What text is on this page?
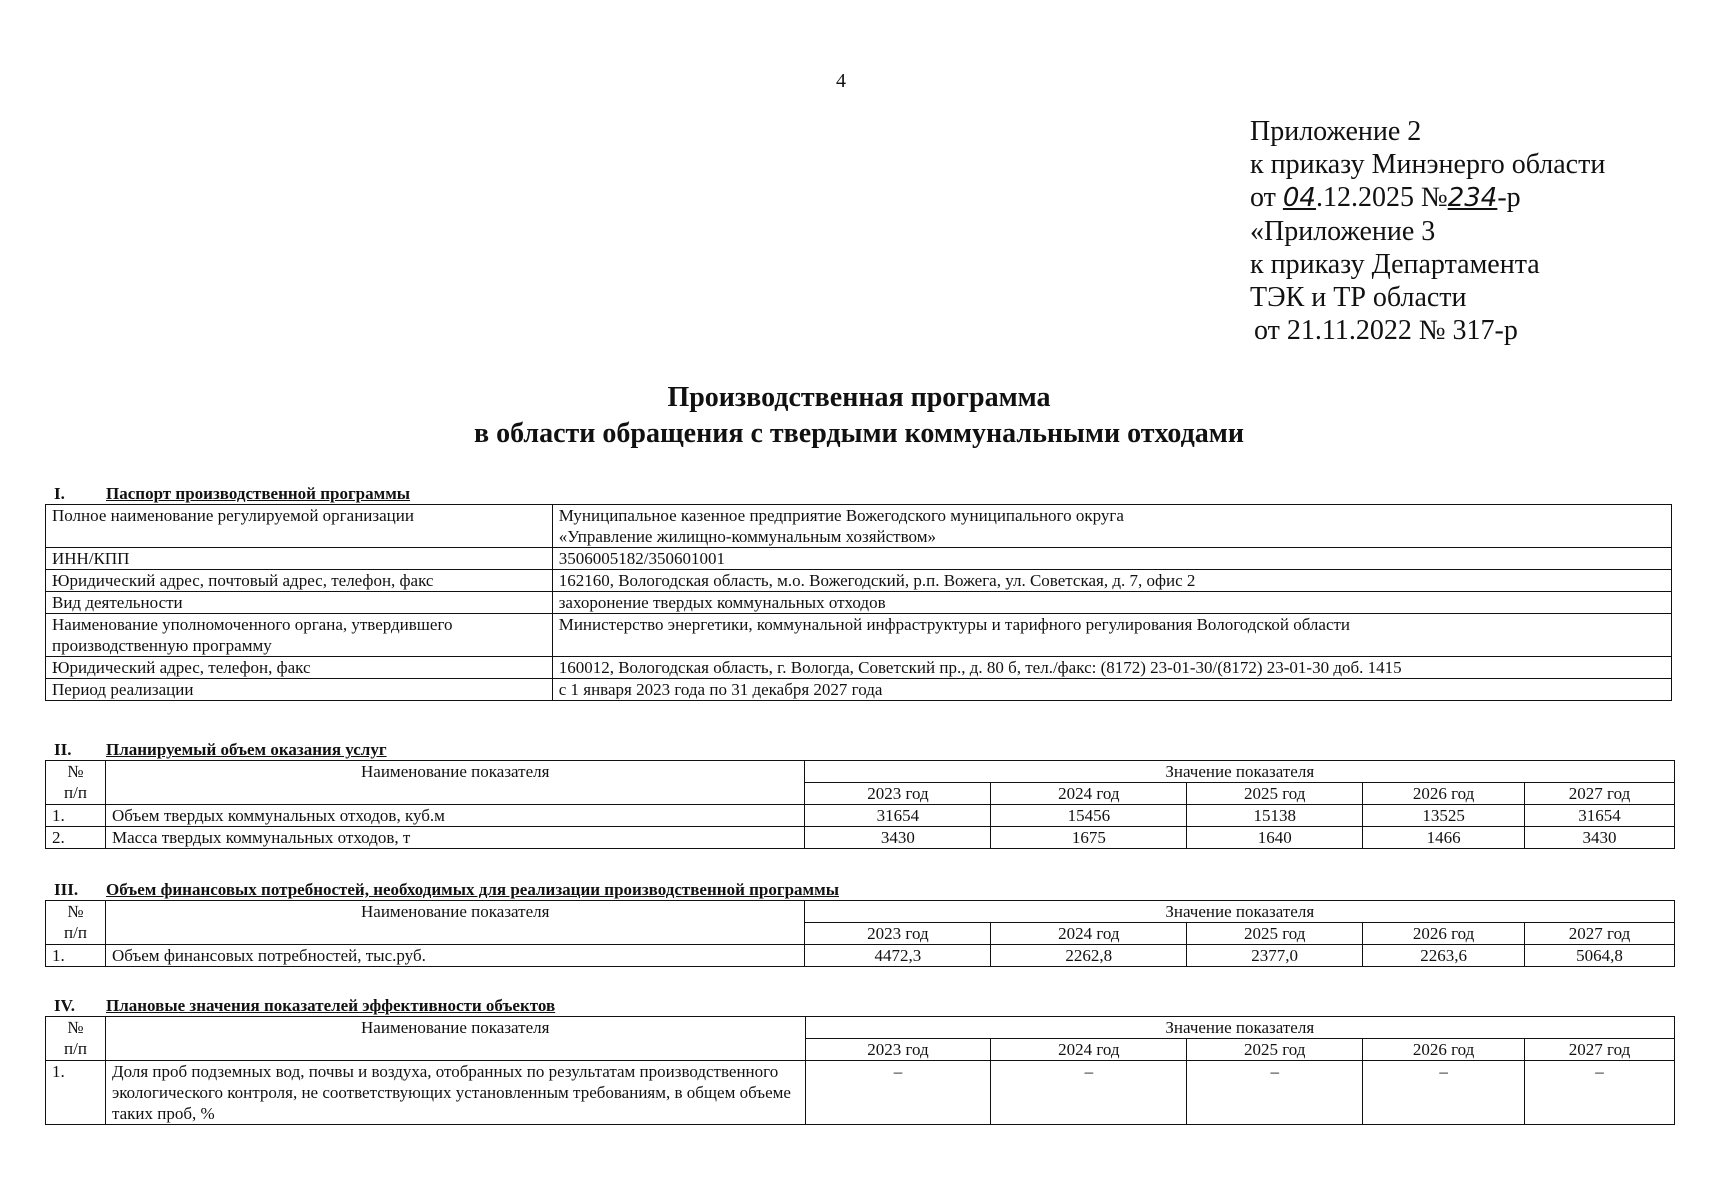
4
Приложение 2
к приказу Минэнерго области
от 04.12.2025 №234-р
«Приложение 3
к приказу Департамента
ТЭК и ТР области
от 21.11.2022 № 317-р
Производственная программа
в области обращения с твердыми коммунальными отходами
I. Паспорт производственной программы
Полное наименование регулируемой организации	Муниципальное казенное предприятие Вожегодского муниципального округа
«Управление жилищно-коммунальным хозяйством»
ИНН/КПП	3506005182/350601001
Юридический адрес, почтовый адрес, телефон, факс	162160, Вологодская область, м.о. Вожегодский, р.п. Вожега, ул. Советская, д. 7, офис 2
Вид деятельности	захоронение твердых коммунальных отходов
Наименование уполномоченного органа, утвердившего производственную программу	Министерство энергетики, коммунальной инфраструктуры и тарифного регулирования Вологодской области
Юридический адрес, телефон, факс	160012, Вологодская область, г. Вологда, Советский пр., д. 80 б, тел./факс: (8172) 23-01-30/(8172) 23-01-30 доб. 1415
Период реализации	с 1 января 2023 года по 31 декабря 2027 года
II. Планируемый объем оказания услуг
№
п/п	Наименование показателя	Значение показателя				
		2023 год	2024 год	2025 год	2026 год	2027 год
1.	Объем твердых коммунальных отходов, куб.м	31654	15456	15138	13525	31654
2.	Масса твердых коммунальных отходов, т	3430	1675	1640	1466	3430
III. Объем финансовых потребностей, необходимых для реализации производственной программы
№
п/п	Наименование показателя	Значение показателя				
		2023 год	2024 год	2025 год	2026 год	2027 год
1.	Объем финансовых потребностей, тыс.руб.	4472,3	2262,8	2377,0	2263,6	5064,8
IV. Плановые значения показателей эффективности объектов
№
п/п	Наименование показателя	Значение показателя				
		2023 год	2024 год	2025 год	2026 год	2027 год
1.	Доля проб подземных вод, почвы и воздуха, отобранных по результатам производственного экологического контроля, не соответствующих установленным требованиям, в общем объеме таких проб, %	–	–	–	–	–
